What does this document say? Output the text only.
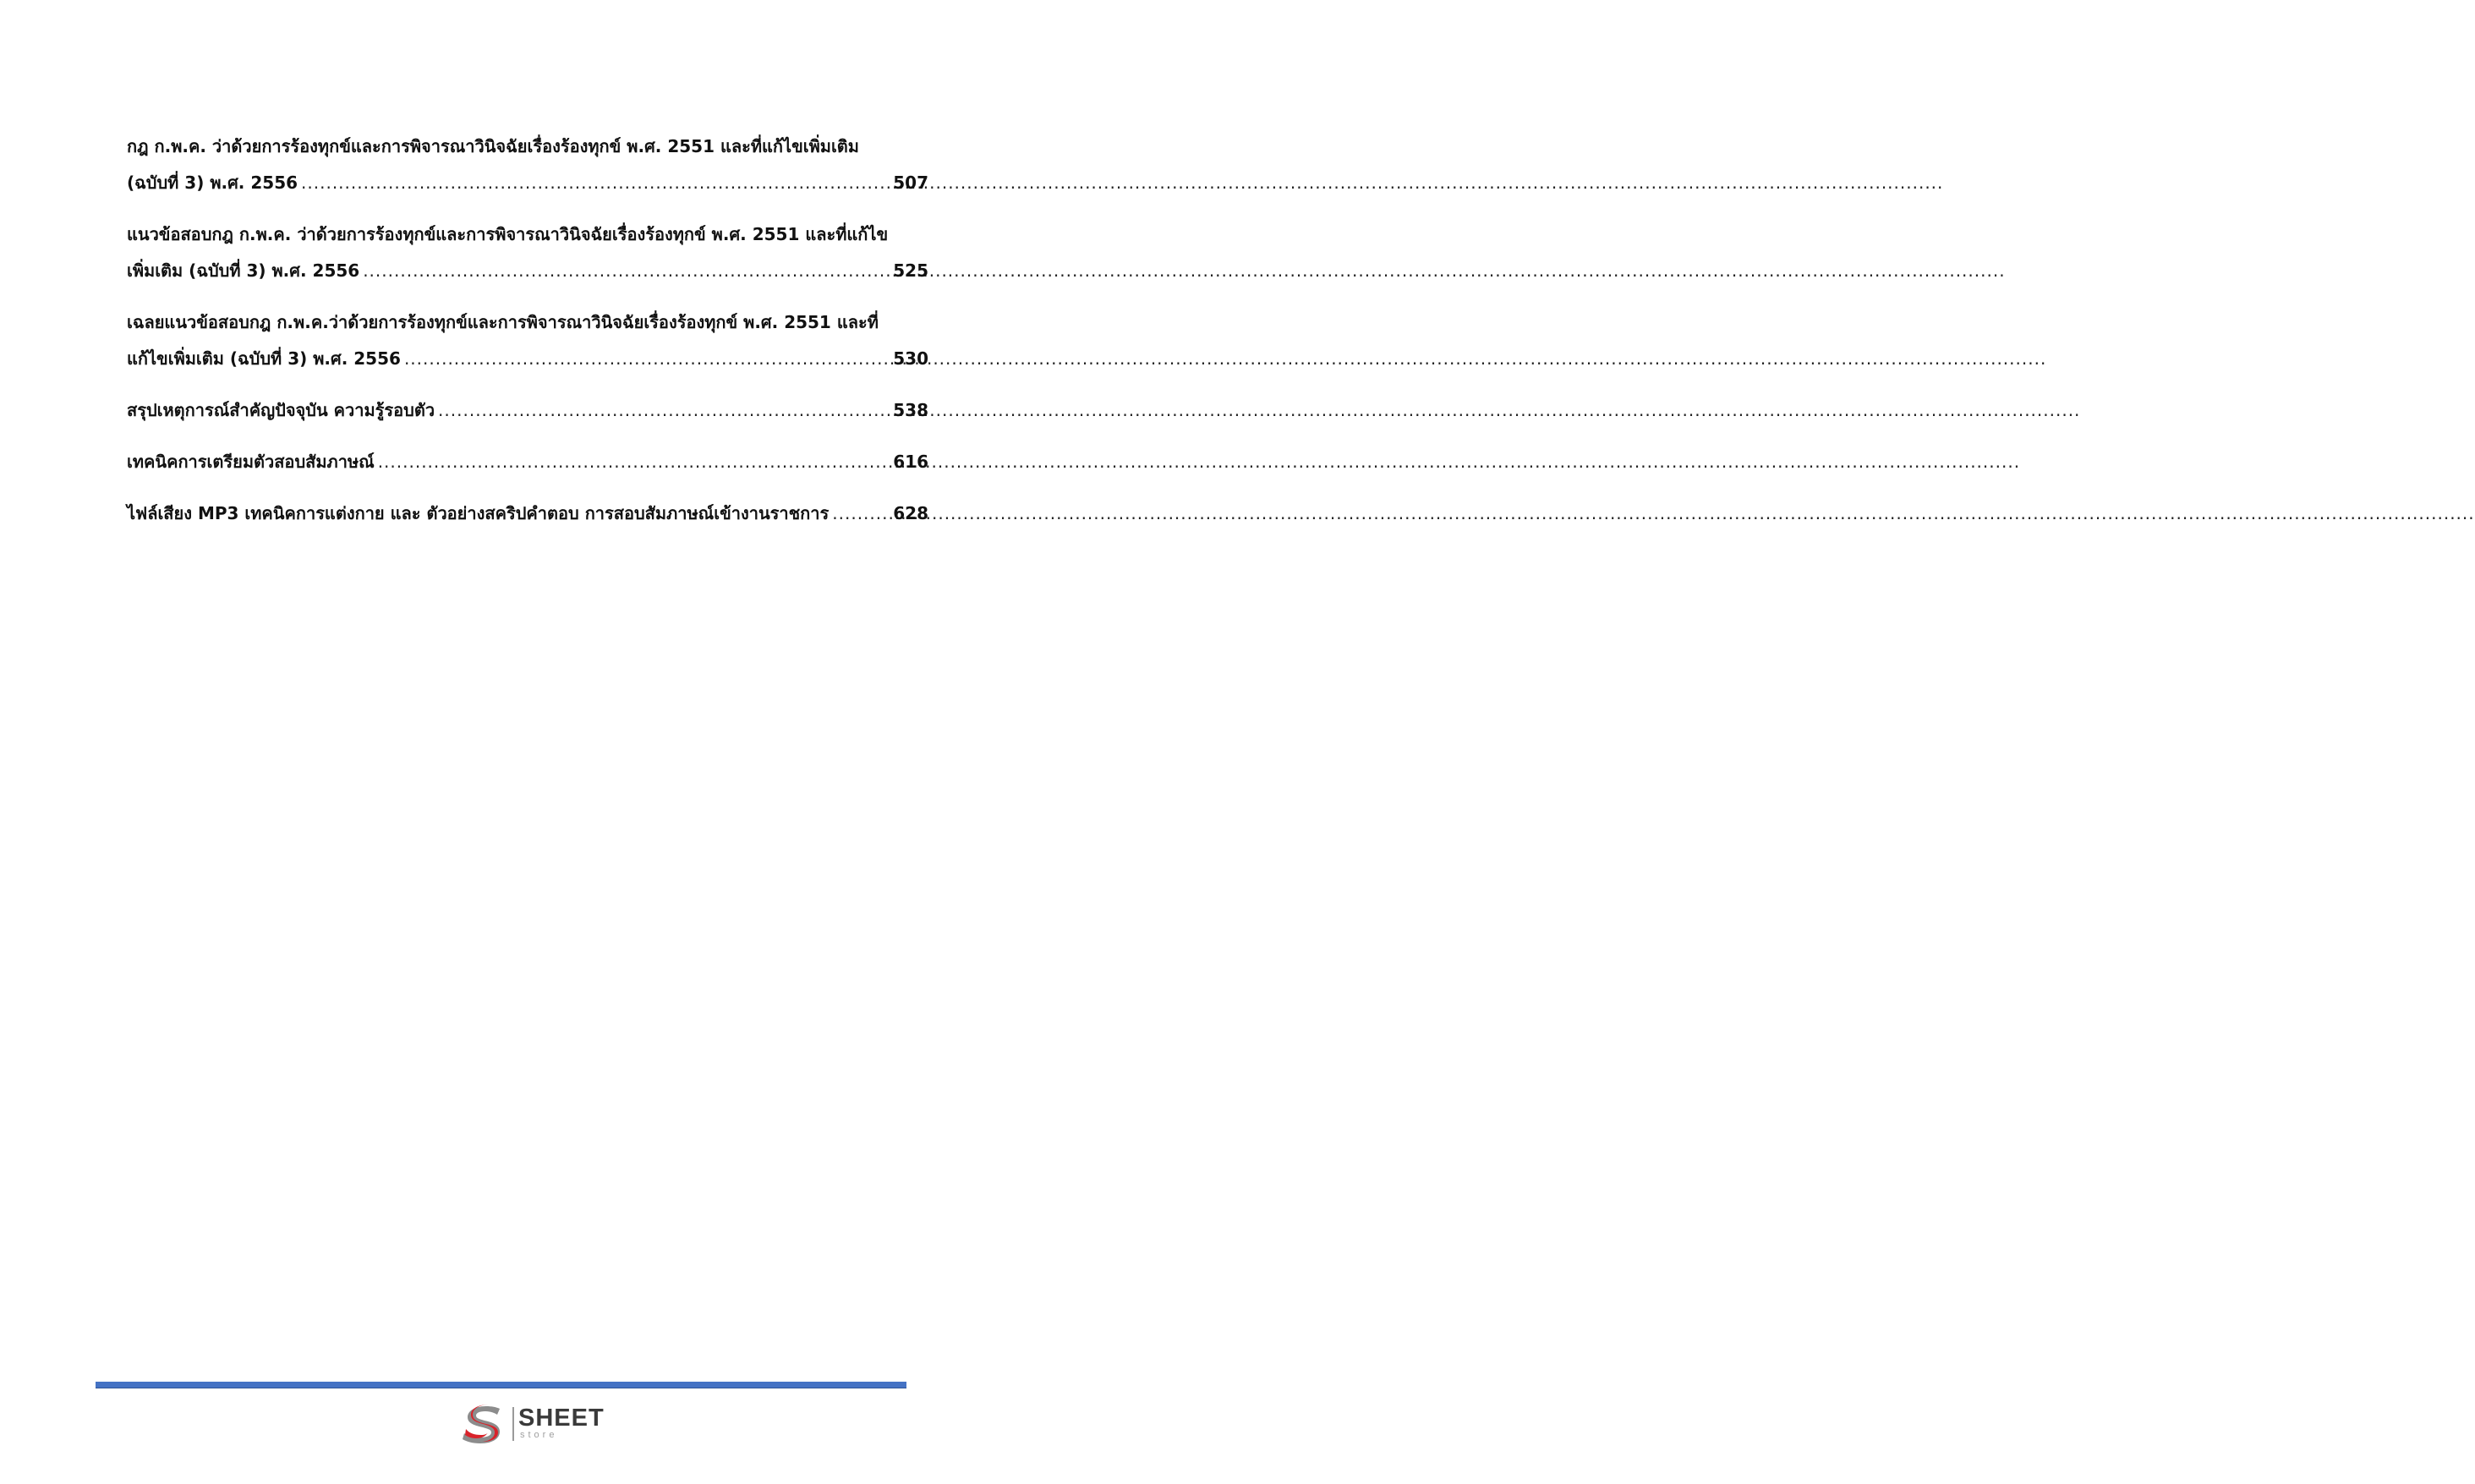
กฎ ก.พ.ค. ว่าด้วยการร้องทุกข์และการพิจารณาวินิจฉัยเรื่องร้องทุกข์ พ.ศ. 2551 และที่แก้ไขเพิ่มเติม
(ฉบับที่ 3) พ.ศ. 2556 .....	507
แนวข้อสอบกฎ ก.พ.ค. ว่าด้วยการร้องทุกข์และการพิจารณาวินิจฉัยเรื่องร้องทุกข์ พ.ศ. 2551 และที่แก้ไข
เพิ่มเติม (ฉบับที่ 3) พ.ศ. 2556 .....	525
เฉลยแนวข้อสอบกฎ ก.พ.ค.ว่าด้วยการร้องทุกข์และการพิจารณาวินิจฉัยเรื่องร้องทุกข์ พ.ศ. 2551 และที่
แก้ไขเพิ่มเติม (ฉบับที่ 3) พ.ศ. 2556 .....	530
สรุปเหตุการณ์สำคัญปัจจุบัน ความรู้รอบตัว .....	538
เทคนิคการเตรียมตัวสอบสัมภาษณ์ .....	616
ไฟล์เสียง MP3 เทคนิคการแต่งกาย และ ตัวอย่างสคริปคำตอบ การสอบสัมภาษณ์เข้างานราชการ .....	628
SHEET
store
